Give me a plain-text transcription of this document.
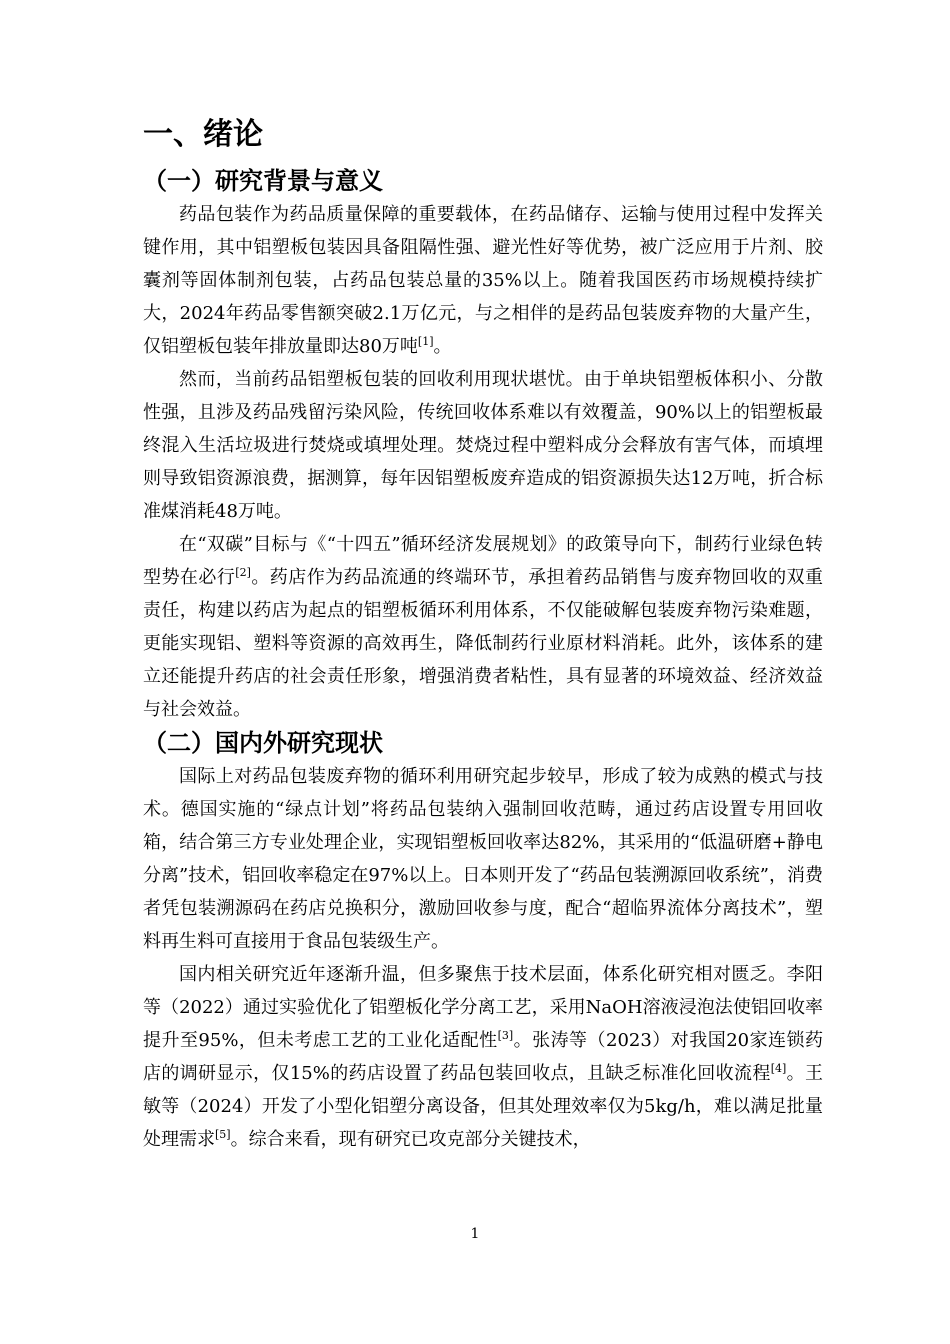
一、绪论
（一）研究背景与意义

药品包装作为药品质量保障的重要载体，在药品储存、运输与使用过程中发挥关键作用，其中铝塑板包装因具备阻隔性强、避光性好等优势，被广泛应用于片剂、胶囊剂等固体制剂包装，占药品包装总量的35%以上。随着我国医药市场规模持续扩大，2024年药品零售额突破2.1万亿元，与之相伴的是药品包装废弃物的大量产生，仅铝塑板包装年排放量即达80万吨[1]。

然而，当前药品铝塑板包装的回收利用现状堪忧。由于单块铝塑板体积小、分散性强，且涉及药品残留污染风险，传统回收体系难以有效覆盖，90%以上的铝塑板最终混入生活垃圾进行焚烧或填埋处理。焚烧过程中塑料成分会释放有害气体，而填埋则导致铝资源浪费，据测算，每年因铝塑板废弃造成的铝资源损失达12万吨，折合标准煤消耗48万吨。

在“双碳”目标与《“十四五”循环经济发展规划》的政策导向下，制药行业绿色转型势在必行[2]。药店作为药品流通的终端环节，承担着药品销售与废弃物回收的双重责任，构建以药店为起点的铝塑板循环利用体系，不仅能破解包装废弃物污染难题，更能实现铝、塑料等资源的高效再生，降低制药行业原材料消耗。此外，该体系的建立还能提升药店的社会责任形象，增强消费者粘性，具有显著的环境效益、经济效益与社会效益。

（二）国内外研究现状

国际上对药品包装废弃物的循环利用研究起步较早，形成了较为成熟的模式与技术。德国实施的“绿点计划”将药品包装纳入强制回收范畴，通过药店设置专用回收箱，结合第三方专业处理企业，实现铝塑板回收率达82%，其采用的“低温研磨+静电分离”技术，铝回收率稳定在97%以上。日本则开发了“药品包装溯源回收系统”，消费者凭包装溯源码在药店兑换积分，激励回收参与度，配合“超临界流体分离技术”，塑料再生料可直接用于食品包装级生产。

国内相关研究近年逐渐升温，但多聚焦于技术层面，体系化研究相对匮乏。李阳等（2022）通过实验优化了铝塑板化学分离工艺，采用NaOH溶液浸泡法使铝回收率提升至95%，但未考虑工艺的工业化适配性[3]。张涛等（2023）对我国20家连锁药店的调研显示，仅15%的药店设置了药品包装回收点，且缺乏标准化回收流程[4]。王敏等（2024）开发了小型化铝塑分离设备，但其处理效率仅为5kg/h，难以满足批量处理需求[5]。综合来看，现有研究已攻克部分关键技术，

1
